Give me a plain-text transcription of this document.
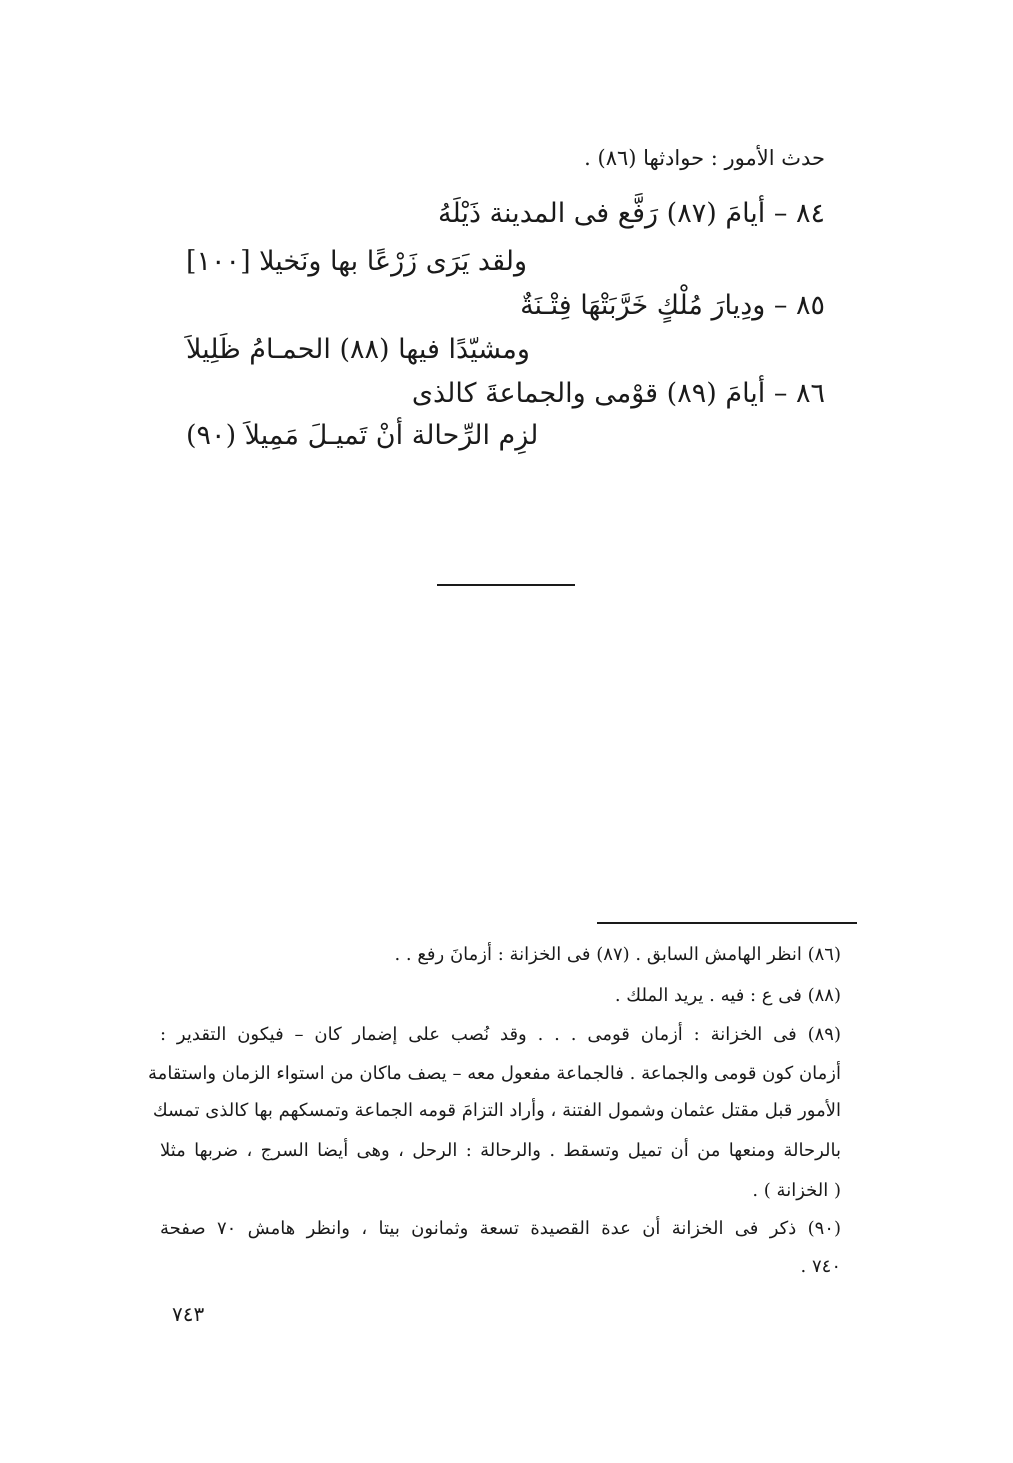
حدث الأمور : حوادثها (٨٦) .
٨٤ – أيامَ (٨٧) رَفَّع فى المدينة ذَيْلَهُ
ولقد يَرَى زَرْعًا بها ونَخيلا [١٠٠]
٨٥ – ودِيارَ مُلْكٍ خَرَّبَتْهَا فِتْـنَةٌ
ومشيّدًا فيها (٨٨) الحمـامُ ظَلِيلاَ
٨٦ – أيامَ (٨٩) قوْمى والجماعةَ كالذى
لزِم الرِّحالة أنْ تَميـلَ مَمِيلاَ (٩٠)
(٨٦) انظر الهامش السابق . (٨٧) فى الخزانة : أزمانَ رفع . .
(٨٨) فى ع : فيه . يريد الملك .
(٨٩) فى الخزانة : أزمان قومى . . . وقد نُصب على إضمار كان – فيكون التقدير :
أزمان كون قومى والجماعة . فالجماعة مفعول معه – يصف ماكان من استواء الزمان واستقامة
الأمور قبل مقتل عثمان وشمول الفتنة ، وأراد التزامَ قومه الجماعة وتمسكهم بها كالذى تمسك
بالرحالة ومنعها من أن تميل وتسقط . والرحالة : الرحل ، وهى أيضا السرج ، ضربها مثلا
( الخزانة ) .
(٩٠) ذكر فى الخزانة أن عدة القصيدة تسعة وثمانون بيتا ، وانظر هامش ٧٠ صفحة
٧٤٠ .
٧٤٣
